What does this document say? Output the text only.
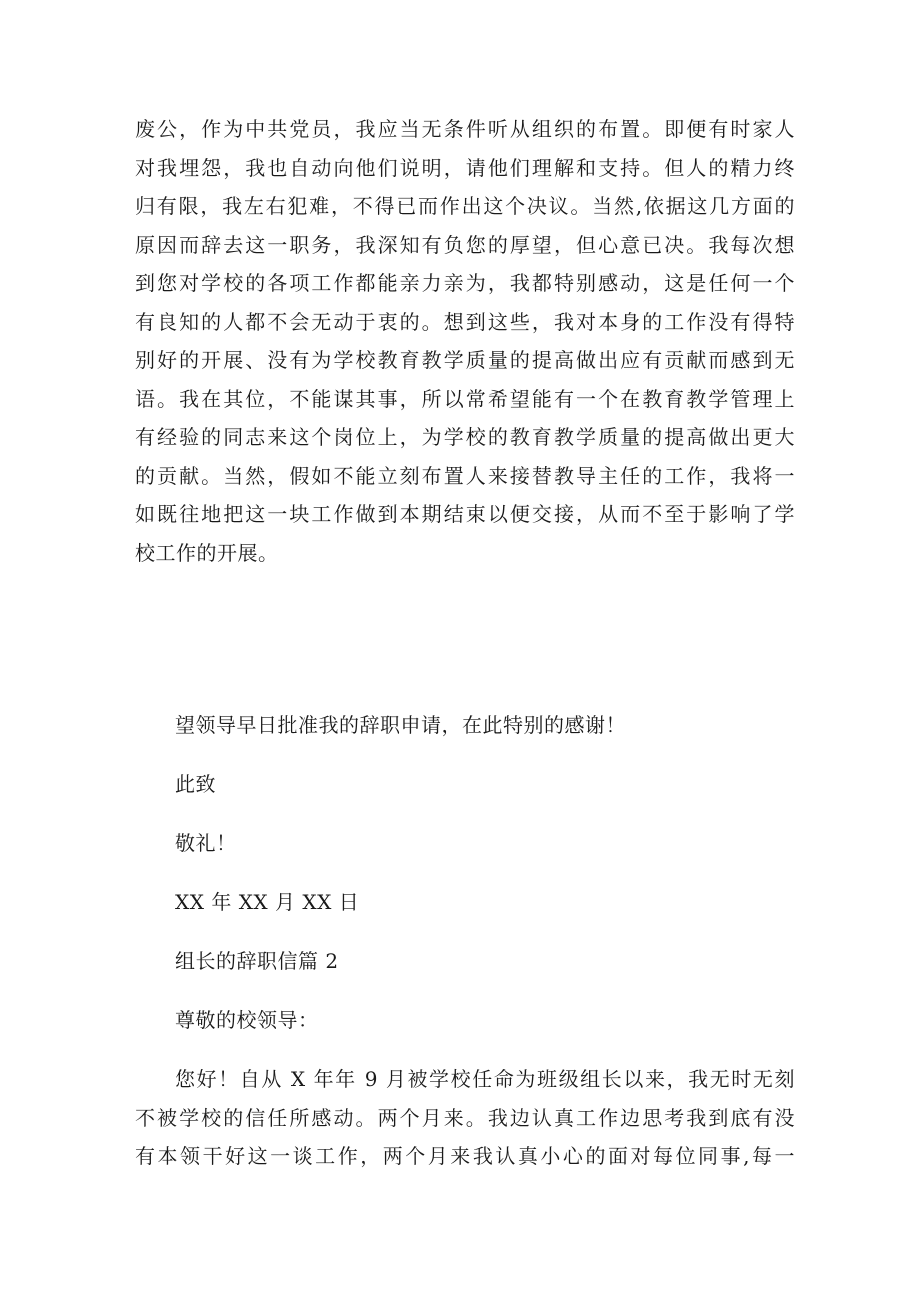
废公，作为中共党员，我应当无条件听从组织的布置。即便有时家人
对我埋怨，我也自动向他们说明，请他们理解和支持。但人的精力终
归有限，我左右犯难，不得已而作出这个决议。当然,依据这几方面的
原因而辞去这一职务，我深知有负您的厚望，但心意已决。我每次想
到您对学校的各项工作都能亲力亲为，我都特别感动，这是任何一个
有良知的人都不会无动于衷的。想到这些，我对本身的工作没有得特
别好的开展、没有为学校教育教学质量的提高做出应有贡献而感到无
语。我在其位，不能谋其事，所以常希望能有一个在教育教学管理上
有经验的同志来这个岗位上，为学校的教育教学质量的提高做出更大
的贡献。当然，假如不能立刻布置人来接替教导主任的工作，我将一
如既往地把这一块工作做到本期结束以便交接，从而不至于影响了学
校工作的开展。
望领导早日批准我的辞职申请，在此特别的感谢！
此致
敬礼！
XX 年 XX 月 XX 日
组长的辞职信篇 2
尊敬的校领导：
您好！自从 X 年年 9 月被学校任命为班级组长以来，我无时无刻
不被学校的信任所感动。两个月来。我边认真工作边思考我到底有没
有本领干好这一谈工作，两个月来我认真小心的面对每位同事,每一
